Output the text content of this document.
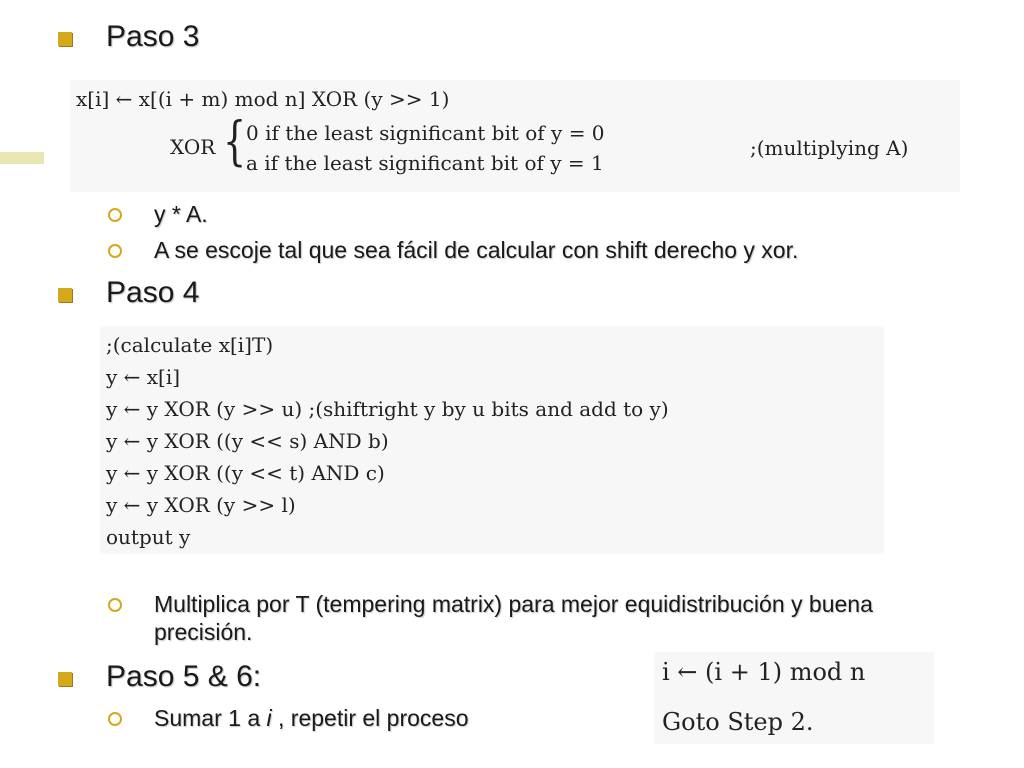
Paso 3
x[i] ← x[(i + m) mod n] XOR (y >> 1)
XOR { 0 if the least significant bit of y = 0
a if the least significant bit of y = 1
;(multiplying A)
y * A.
A se escoje tal que sea fácil de calcular con shift derecho y xor.
Paso 4
;(calculate x[i]T)
y ← x[i]
y ← y XOR (y >> u) ;(shiftright y by u bits and add to y)
y ← y XOR ((y << s) AND b)
y ← y XOR ((y << t) AND c)
y ← y XOR (y >> l)
output y
Multiplica por T (tempering matrix) para mejor equidistribución y buena precisión.
Paso 5 & 6:
Sumar 1 a i , repetir el proceso
i ← (i + 1) mod n
Goto Step 2.
